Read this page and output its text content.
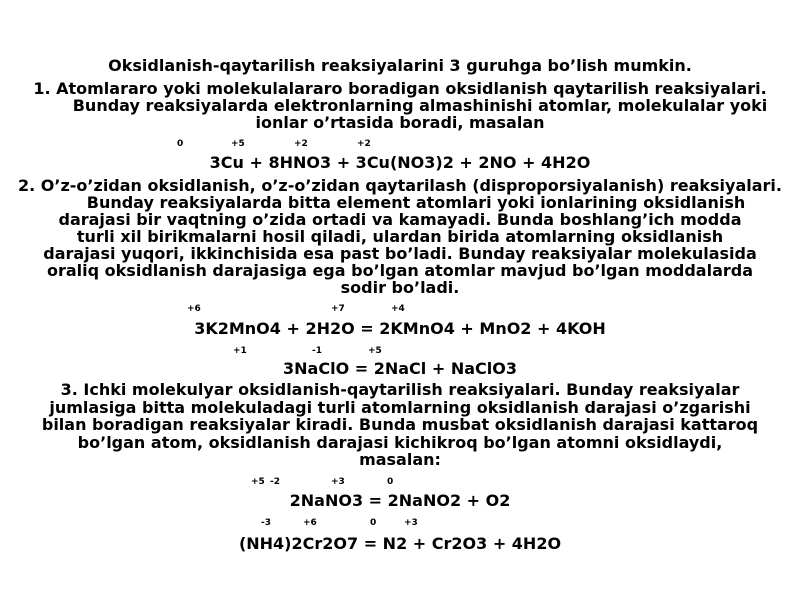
Oksidlanish-qaytarilish reaksiyalarini 3 guruhga bo’lish mumkin.
1. Atomlararo yoki molekulalararo boradigan oksidlanish qaytarilish reaksiyalari.
Bunday reaksiyalarda elektronlarning almashinishi atomlar, molekulalar yoki
ionlar o’rtasida boradi, masalan
0	+5	+2	+2
3Cu + 8HNO3 + 3Cu(NO3)2 + 2NO + 4H2O
2. O’z-o’zidan oksidlanish, o’z-o’zidan qaytarilash (disproporsiyalanish) reaksiyalari.
Bunday reaksiyalarda bitta element atomlari yoki ionlarining oksidlanish
darajasi bir vaqtning o’zida ortadi va kamayadi. Bunda boshlang’ich modda
turli xil birikmalarni hosil qiladi, ulardan birida atomlarning oksidlanish
darajasi yuqori, ikkinchisida esa past bo’ladi. Bunday reaksiyalar molekulasida
oraliq oksidlanish darajasiga ega bo’lgan atomlar mavjud bo’lgan moddalarda
sodir bo’ladi.
+6	+7	+4
3K2MnO4 + 2H2O = 2KMnO4 + MnO2 + 4KOH
+1	-1	+5
3NaClO = 2NaCl + NaClO3
3. Ichki molekulyar oksidlanish-qaytarilish reaksiyalari. Bunday reaksiyalar
jumlasiga bitta molekuladagi turli atomlarning oksidlanish darajasi o’zgarishi
bilan boradigan reaksiyalar kiradi. Bunda musbat oksidlanish darajasi kattaroq
bo’lgan atom, oksidlanish darajasi kichikroq bo’lgan atomni oksidlaydi,
masalan:
+5 -2	+3	0
2NaNO3 = 2NaNO2 + O2
-3	+6	0	+3
(NH4)2Cr2O7 = N2 + Cr2O3 + 4H2O
